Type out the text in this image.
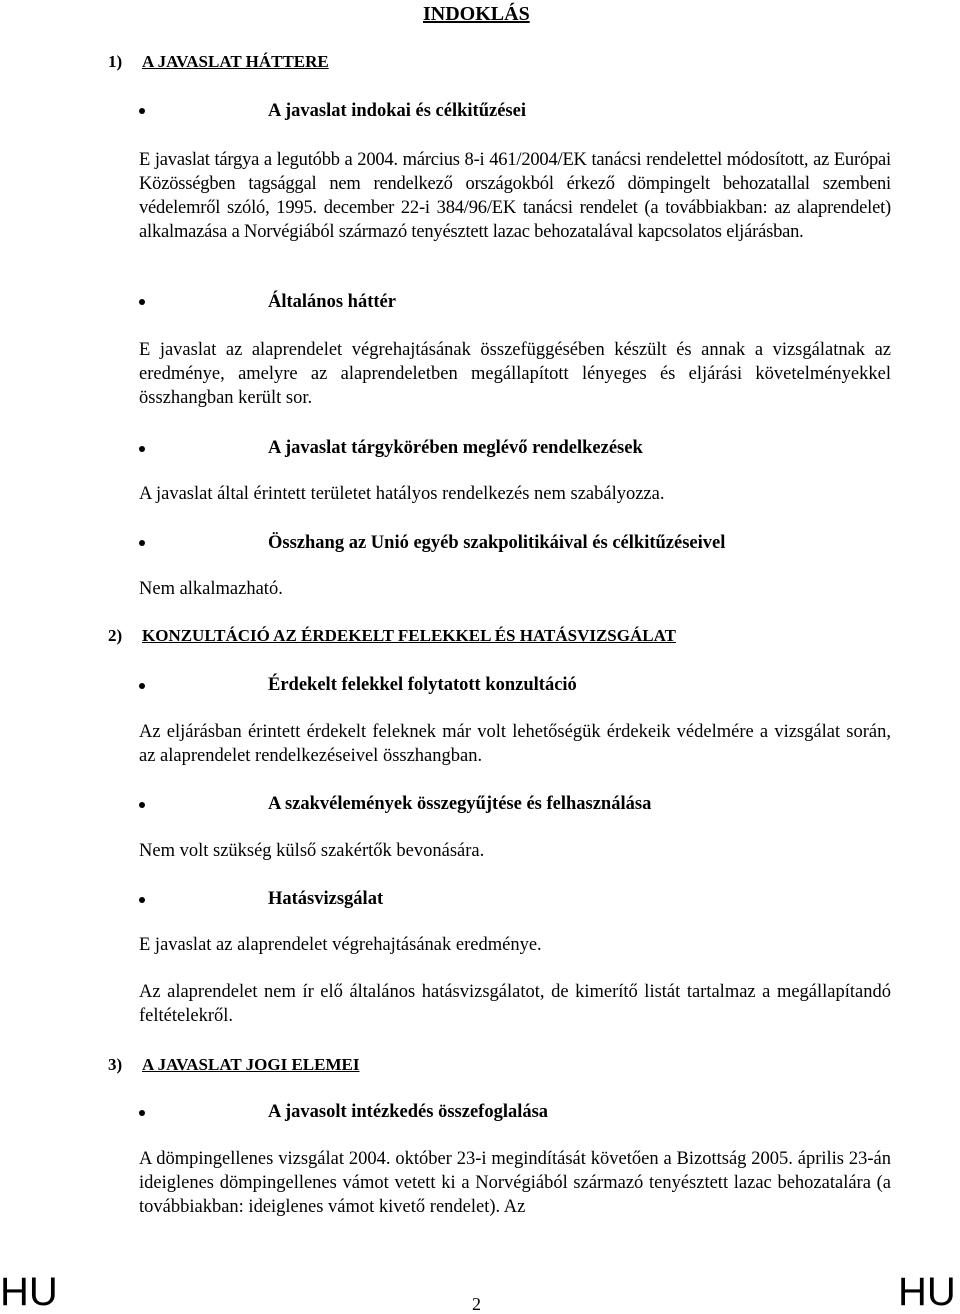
INDOKLÁS
1) A JAVASLAT HÁTTERE
A javaslat indokai és célkitűzései
E javaslat tárgya a legutóbb a 2004. március 8-i 461/2004/EK tanácsi rendelettel módosított, az Európai Közösségben tagsággal nem rendelkező országokból érkező dömpingelt behozatallal szembeni védelemről szóló, 1995. december 22-i 384/96/EK tanácsi rendelet (a továbbiakban: az alaprendelet) alkalmazása a Norvégiából származó tenyésztett lazac behozatalával kapcsolatos eljárásban.
Általános háttér
E javaslat az alaprendelet végrehajtásának összefüggésében készült és annak a vizsgálatnak az eredménye, amelyre az alaprendeletben megállapított lényeges és eljárási követelményekkel összhangban került sor.
A javaslat tárgykörében meglévő rendelkezések
A javaslat által érintett területet hatályos rendelkezés nem szabályozza.
Összhang az Unió egyéb szakpolitikáival és célkitűzéseivel
Nem alkalmazható.
2) KONZULTÁCIÓ AZ ÉRDEKELT FELEKKEL ÉS HATÁSVIZSGÁLAT
Érdekelt felekkel folytatott konzultáció
Az eljárásban érintett érdekelt feleknek már volt lehetőségük érdekeik védelmére a vizsgálat során, az alaprendelet rendelkezéseivel összhangban.
A szakvélemények összegyűjtése és felhasználása
Nem volt szükség külső szakértők bevonására.
Hatásvizsgálat
E javaslat az alaprendelet végrehajtásának eredménye.
Az alaprendelet nem ír elő általános hatásvizsgálatot, de kimerítő listát tartalmaz a megállapítandó feltételekről.
3) A JAVASLAT JOGI ELEMEI
A javasolt intézkedés összefoglalása
A dömpingellenes vizsgálat 2004. október 23-i megindítását követően a Bizottság 2005. április 23-án ideiglenes dömpingellenes vámot vetett ki a Norvégiából származó tenyésztett lazac behozatalára (a továbbiakban: ideiglenes vámot kivető rendelet). Az
HU	2	HU
